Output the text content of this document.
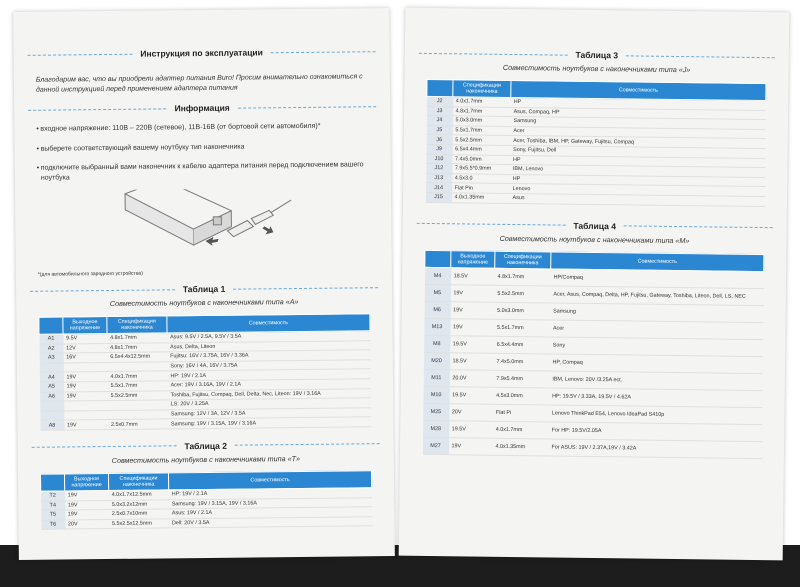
Инструкция по эксплуатации

Благодарим вас, что вы приобрели адаптер питания Buro! Просим внимательно ознакомиться с данной инструкцией перед применением адаптера питания

Информация

• входное напряжение: 110В – 220В (сетевое), 11В-16В (от бортовой сети автомобиля)*

• выберете соответствующий вашему ноутбуку тип наконечника

• подключите выбранный вами наконечник к кабелю адаптера питания перед подключением вашего ноутбука

*(для автомобильного зарядного устройства)

Таблица 1

Совместимость ноутбуков с наконечниками типа «А»

	Выходное напряжение	Спецификации наконечника	Совместимость
A1	9.5V	4.8x1.7mm	Asus: 9.5V / 2.5A, 9.5V / 3.5A
A2	12V	4.8x1.7mm	Asus, Delta, Liteon
A3	16V	6.5x4.4x12.5mm	Fujitsu: 16V / 3.75A, 16V / 3.36A
			Sony: 16V / 4A, 16V / 3.75A
A4	19V	4.0x1.7mm	HP: 19V / 2.1A
A5	19V	5.5x1.7mm	Acer: 19V / 3.16A, 19V / 2.1A
A6	19V	5.5x2.5mm	Toshiba, Fujitsu, Compaq, Dell, Delta, Nec, Liteon: 19V / 3.16A
			LS: 20V / 3.25A
			Samsung: 12V / 3A, 12V / 3.5A
A8	19V	2.5x0.7mm	Samsung: 19V / 3.15A, 19V / 3.16A
Таблица 2

Совместимость ноутбуков с наконечниками типа «Т»

	Выходное напряжение	Спецификации наконечника	Совместимость
T2	19V	4.0x1.7x12.5mm	HP: 19V / 2.1A
T4	19V	5.0x3.2x12mm	Samsung: 19V / 3.15A, 19V / 3.16A
T5	19V	2.5x0.7x10mm	Asus: 19V / 2.1A
T6	20V	5.5x2.5x12.5mm	Dell: 20V / 3.5A
Таблица 3

Совместимость ноутбуков с наконечниками типа «J»

	Спецификации наконечника	Совместимость
J2	4.0x1.7mm	HP
J3	4.8x1.7mm	Asus, Compaq, HP
J4	5.0x3.0mm	Samsung
J5	5.5x1.7mm	Acer
J6	5.5x2.5mm	Acer, Toshiba, IBM, HP, Gateway, Fujitsu, Compaq
J9	6.5x4.4mm	Sony, Fujitsu, Dell
J10	7.4x5.0mm	HP
J12	7.9x5.5*0.9mm	IBM, Lenovo
J13	4.5x3.0	HP
J14	Flat Pin	Lenovo
J15	4.0x1.35mm	Asus
Таблица 4

Совместимость ноутбуков с наконечниками типа «М»

	Выходное напряжение	Спецификации наконечника	Совместимость
M4	18.5V	4.8x1.7mm	HP/Compaq
M5	19V	5.5x2.5mm	Acer, Asus, Compaq, Delta, HP, Fujitsu, Gateway, Toshiba, Liteon, Dell, LS, NEC
M6	19V	5.0x3.0mm	Samsung
M13	19V	5.5x1.7mm	Acer
M8	19.5V	6.5x4.4mm	Sony
M20	18.5V	7.4x5.0mm	HP, Compaq
M11	20.0V	7.9x5.4mm	IBM, Lenovo: 20V /3.25A ect.
M10	19.5V	4.5x3.0mm	HP: 19.5V / 3.33A, 19.5V / 4.62A
M25	20V	Flat Pi	Lenovo ThinkPad E54, Lenovo IdeaPad S410p
M28	19.5V	4.0x1.7mm	For HP: 19.5V/2.05A
M27	19V	4.0x1.35mm	For ASUS: 19V / 2.37A,19V / 3.42A
